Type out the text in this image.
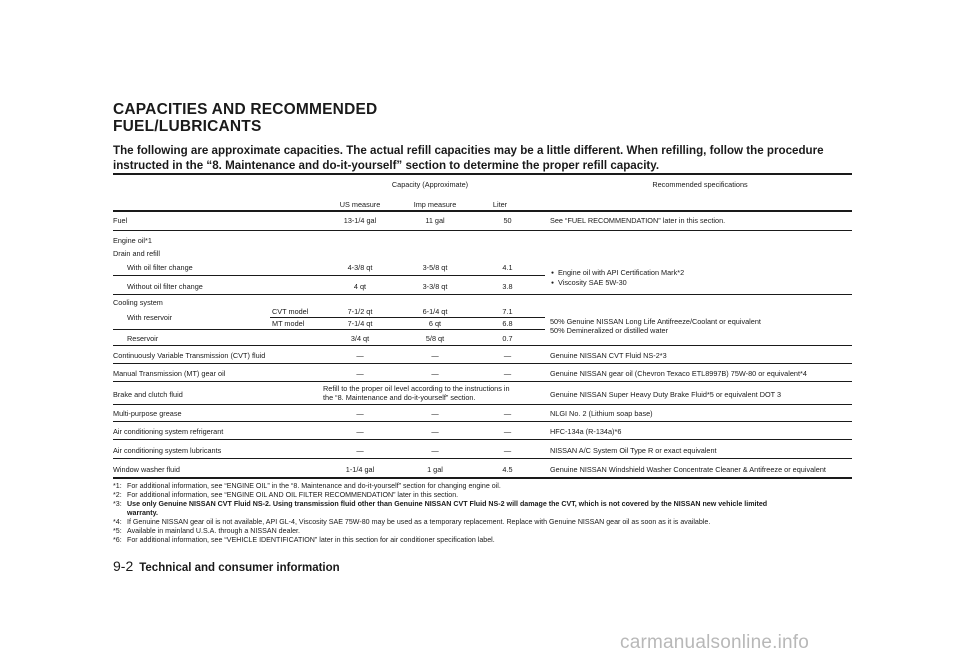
CAPACITIES AND RECOMMENDED
FUEL/LUBRICANTS
The following are approximate capacities. The actual refill capacities may be a little different. When refilling, follow the procedure
instructed in the “8. Maintenance and do-it-yourself” section to determine the proper refill capacity.
Capacity (Approximate)	Recommended specifications
US measure	Imp measure	Liter
Fuel	13-1/4 gal	11 gal	50	See “FUEL RECOMMENDATION” later in this section.
Engine oil*1
Drain and refill
With oil filter change	4-3/8 qt	3-5/8 qt	4.1
Without oil filter change	4 qt	3-3/8 qt	3.8
● Engine oil with API Certification Mark*2
● Viscosity SAE 5W-30
Cooling system
With reservoir
CVT model	7-1/2 qt	6-1/4 qt	7.1
MT model	7-1/4 qt	6 qt	6.8
Reservoir	3/4 qt	5/8 qt	0.7
50% Genuine NISSAN Long Life Antifreeze/Coolant or equivalent
50% Demineralized or distilled water
Continuously Variable Transmission (CVT) fluid	—	—	—	Genuine NISSAN CVT Fluid NS-2*3
Manual Transmission (MT) gear oil	—	—	—	Genuine NISSAN gear oil (Chevron Texaco ETL8997B) 75W-80 or equivalent*4
Brake and clutch fluid
Refill to the proper oil level according to the instructions in
the “8. Maintenance and do-it-yourself” section.	Genuine NISSAN Super Heavy Duty Brake Fluid*5 or equivalent DOT 3
Multi-purpose grease	—	—	—	NLGI No. 2 (Lithium soap base)
Air conditioning system refrigerant	—	—	—	HFC-134a (R-134a)*6
Air conditioning system lubricants	—	—	—	NISSAN A/C System Oil Type R or exact equivalent
Window washer fluid	1-1/4 gal	1 gal	4.5	Genuine NISSAN Windshield Washer Concentrate Cleaner & Antifreeze or equivalent
*1: For additional information, see “ENGINE OIL” in the “8. Maintenance and do-it-yourself” section for changing engine oil.
*2: For additional information, see “ENGINE OIL AND OIL FILTER RECOMMENDATION” later in this section.
*3: Use only Genuine NISSAN CVT Fluid NS-2. Using transmission fluid other than Genuine NISSAN CVT Fluid NS-2 will damage the CVT, which is not covered by the NISSAN new vehicle limited
warranty.
*4: If Genuine NISSAN gear oil is not available, API GL-4, Viscosity SAE 75W-80 may be used as a temporary replacement. Replace with Genuine NISSAN gear oil as soon as it is available.
*5: Available in mainland U.S.A. through a NISSAN dealer.
*6: For additional information, see “VEHICLE IDENTIFICATION” later in this section for air conditioner specification label.
9-2 Technical and consumer information
carmanualsonline.info
